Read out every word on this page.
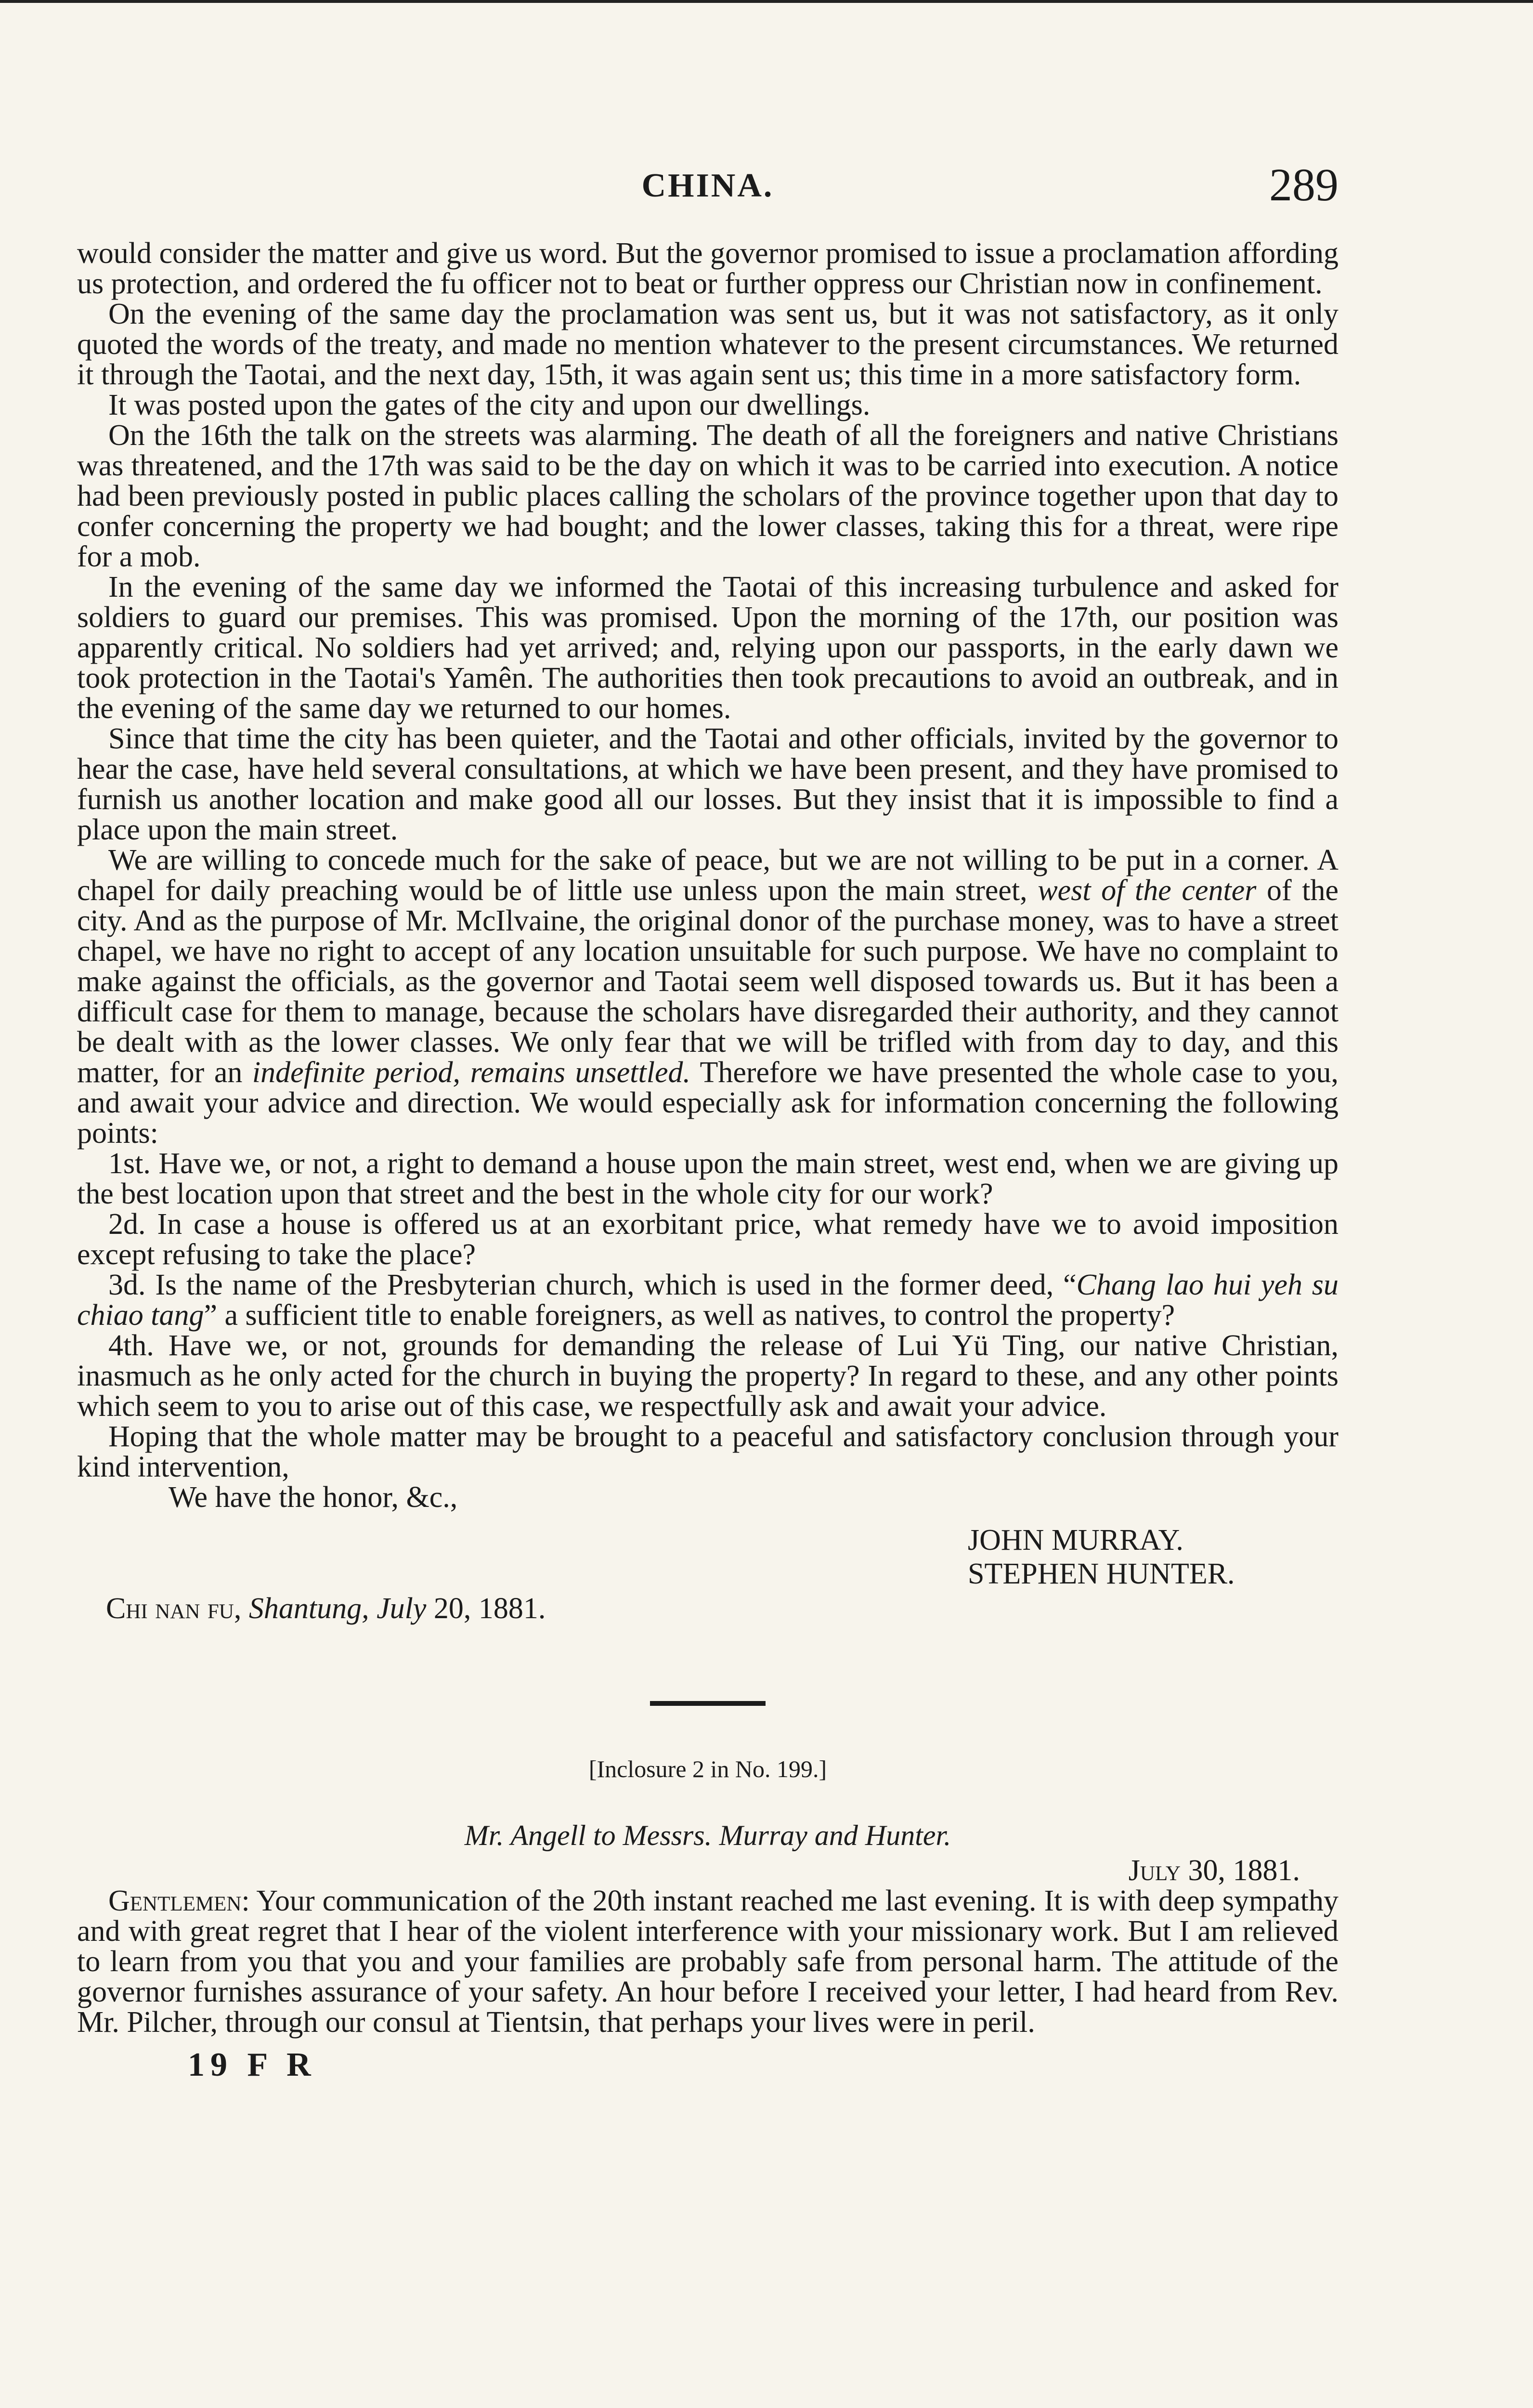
CHINA.	289

would consider the matter and give us word. But the governor promised to issue a proclamation affording us protection, and ordered the fu officer not to beat or further oppress our Christian now in confinement.

On the evening of the same day the proclamation was sent us, but it was not satisfactory, as it only quoted the words of the treaty, and made no mention whatever to the present circumstances. We returned it through the Taotai, and the next day, 15th, it was again sent us; this time in a more satisfactory form.

It was posted upon the gates of the city and upon our dwellings.

On the 16th the talk on the streets was alarming. The death of all the foreigners and native Christians was threatened, and the 17th was said to be the day on which it was to be carried into execution. A notice had been previously posted in public places calling the scholars of the province together upon that day to confer concerning the property we had bought; and the lower classes, taking this for a threat, were ripe for a mob.

In the evening of the same day we informed the Taotai of this increasing turbulence and asked for soldiers to guard our premises. This was promised. Upon the morning of the 17th, our position was apparently critical. No soldiers had yet arrived; and, relying upon our passports, in the early dawn we took protection in the Taotai's Yamên. The authorities then took precautions to avoid an outbreak, and in the evening of the same day we returned to our homes.

Since that time the city has been quieter, and the Taotai and other officials, invited by the governor to hear the case, have held several consultations, at which we have been present, and they have promised to furnish us another location and make good all our losses. But they insist that it is impossible to find a place upon the main street.

We are willing to concede much for the sake of peace, but we are not willing to be put in a corner. A chapel for daily preaching would be of little use unless upon the main street, west of the center of the city. And as the purpose of Mr. McIlvaine, the original donor of the purchase money, was to have a street chapel, we have no right to accept of any location unsuitable for such purpose. We have no complaint to make against the officials, as the governor and Taotai seem well disposed towards us. But it has been a difficult case for them to manage, because the scholars have disregarded their authority, and they cannot be dealt with as the lower classes. We only fear that we will be trifled with from day to day, and this matter, for an indefinite period, remains unsettled. Therefore we have presented the whole case to you, and await your advice and direction. We would especially ask for information concerning the following points:

1st. Have we, or not, a right to demand a house upon the main street, west end, when we are giving up the best location upon that street and the best in the whole city for our work?

2d. In case a house is offered us at an exorbitant price, what remedy have we to avoid imposition except refusing to take the place?

3d. Is the name of the Presbyterian church, which is used in the former deed, “Chang lao hui yeh su chiao tang” a sufficient title to enable foreigners, as well as natives, to control the property?

4th. Have we, or not, grounds for demanding the release of Lui Yü Ting, our native Christian, inasmuch as he only acted for the church in buying the property? In regard to these, and any other points which seem to you to arise out of this case, we respectfully ask and await your advice.

Hoping that the whole matter may be brought to a peaceful and satisfactory conclusion through your kind intervention,

We have the honor, &c.,
JOHN MURRAY.
STEPHEN HUNTER.
Chi nan fu, Shantung, July 20, 1881.
[Inclosure 2 in No. 199.]
Mr. Angell to Messrs. Murray and Hunter.
July 30, 1881.

Gentlemen: Your communication of the 20th instant reached me last evening. It is with deep sympathy and with great regret that I hear of the violent interference with your missionary work. But I am relieved to learn from you that you and your families are probably safe from personal harm. The attitude of the governor furnishes assurance of your safety. An hour before I received your letter, I had heard from Rev. Mr. Pilcher, through our consul at Tientsin, that perhaps your lives were in peril.

19 F R
